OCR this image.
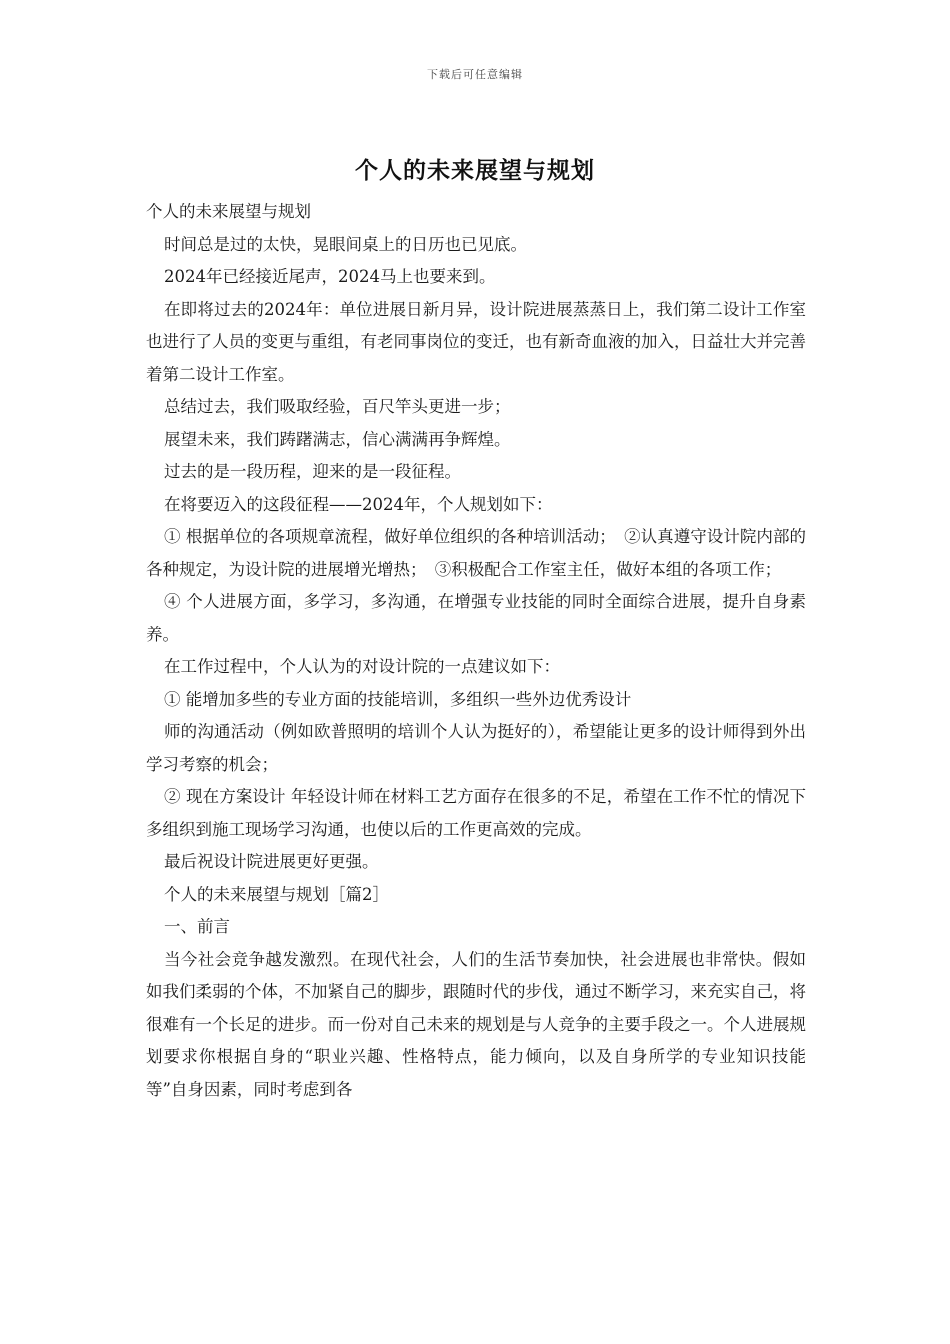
下载后可任意编辑
个人的未来展望与规划

个人的未来展望与规划

时间总是过的太快，晃眼间桌上的日历也已见底。

2024年已经接近尾声，2024马上也要来到。

在即将过去的2024年：单位进展日新月异，设计院进展蒸蒸日上，我们第二设计工作室也进行了人员的变更与重组，有老同事岗位的变迁，也有新奇血液的加入，日益壮大并完善着第二设计工作室。

总结过去，我们吸取经验，百尺竿头更进一步；

展望未来，我们踌躇满志，信心满满再争辉煌。

过去的是一段历程，迎来的是一段征程。

在将要迈入的这段征程——2024年，个人规划如下：

① 根据单位的各项规章流程，做好单位组织的各种培训活动；　②认真遵守设计院内部的各种规定，为设计院的进展增光增热；　③积极配合工作室主任，做好本组的各项工作；

④ 个人进展方面，多学习，多沟通，在增强专业技能的同时全面综合进展，提升自身素养。

在工作过程中，个人认为的对设计院的一点建议如下：

① 能增加多些的专业方面的技能培训，多组织一些外边优秀设计

师的沟通活动（例如欧普照明的培训个人认为挺好的），希望能让更多的设计师得到外出学习考察的机会；

② 现在方案设计 年轻设计师在材料工艺方面存在很多的不足，希望在工作不忙的情况下多组织到施工现场学习沟通，也使以后的工作更高效的完成。

最后祝设计院进展更好更强。

个人的未来展望与规划［篇2］

一、前言

当今社会竞争越发激烈。在现代社会，人们的生活节奏加快，社会进展也非常快。假如如我们柔弱的个体，不加紧自己的脚步，跟随时代的步伐，通过不断学习，来充实自己，将很难有一个长足的进步。而一份对自己未来的规划是与人竞争的主要手段之一。个人进展规划要求你根据自身的“职业兴趣、性格特点，能力倾向，以及自身所学的专业知识技能等”自身因素，同时考虑到各
